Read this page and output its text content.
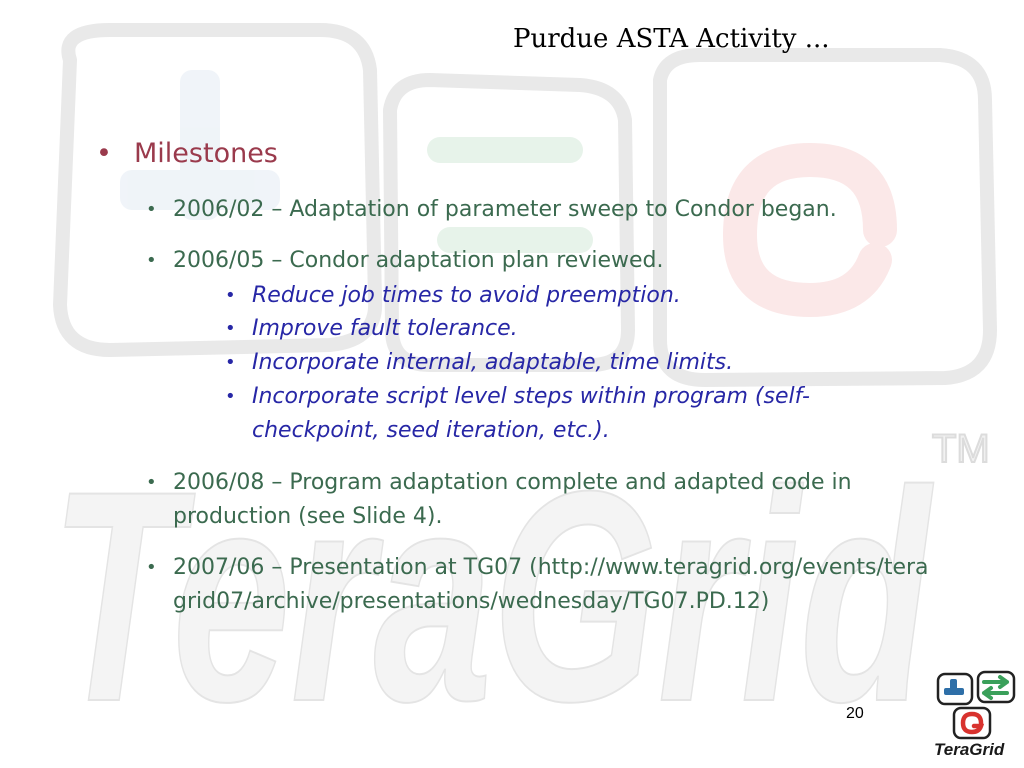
TeraGrid
TM
Purdue ASTA Activity ...
• Milestones
• 2006/02 – Adaptation of parameter sweep to Condor began.
• 2006/05 – Condor adaptation plan reviewed.
• Reduce job times to avoid preemption.
• Improve fault tolerance.
• Incorporate internal, adaptable, time limits.
• Incorporate script level steps within program (self-checkpoint, seed iteration, etc.).
• 2006/08 – Program adaptation complete and adapted code in production (see Slide 4).
• 2007/06 – Presentation at TG07 (http://www.teragrid.org/events/teragrid07/archive/presentations/wednesday/TG07.PD.12)
20
TeraGrid
